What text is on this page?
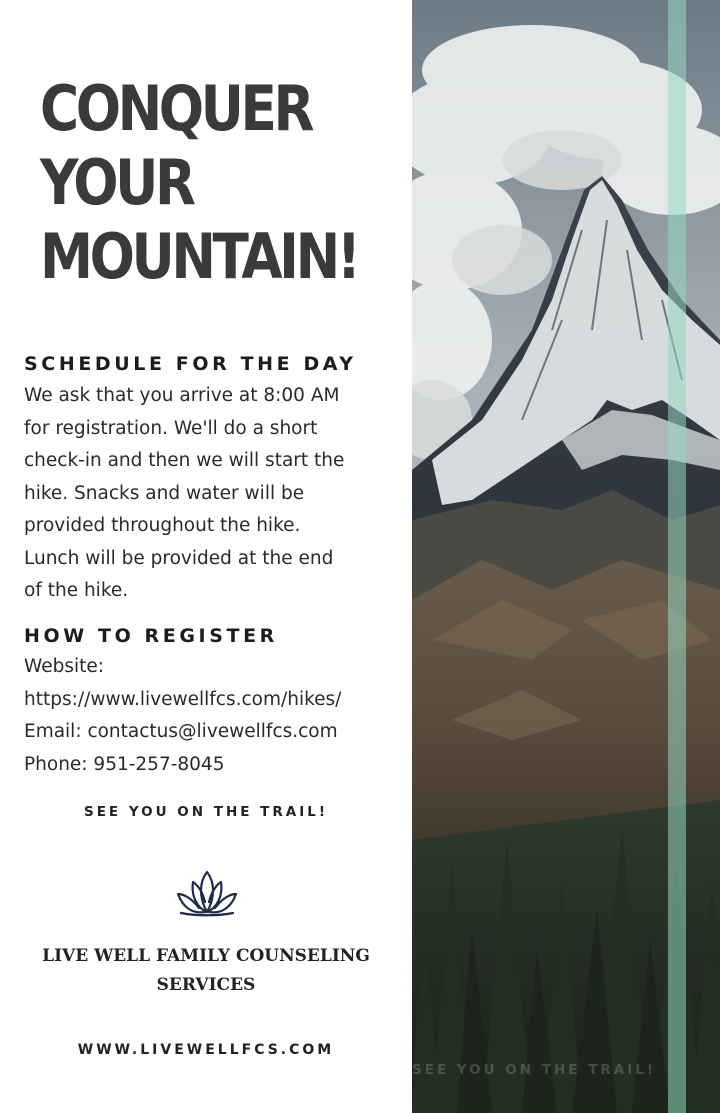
CONQUER
YOUR
MOUNTAIN!
SCHEDULE FOR THE DAY
We ask that you arrive at 8:00 AM
for registration. We'll do a short
check-in and then we will start the
hike. Snacks and water will be
provided throughout the hike.
Lunch will be provided at the end
of the hike.
HOW TO REGISTER
Website:
https://www.livewellfcs.com/hikes/
Email: contactus@livewellfcs.com
Phone: 951-257-8045
SEE YOU ON THE TRAIL!
LIVE WELL FAMILY COUNSELING
SERVICES
WWW.LIVEWELLFCS.COM
SEE YOU ON THE TRAIL!
